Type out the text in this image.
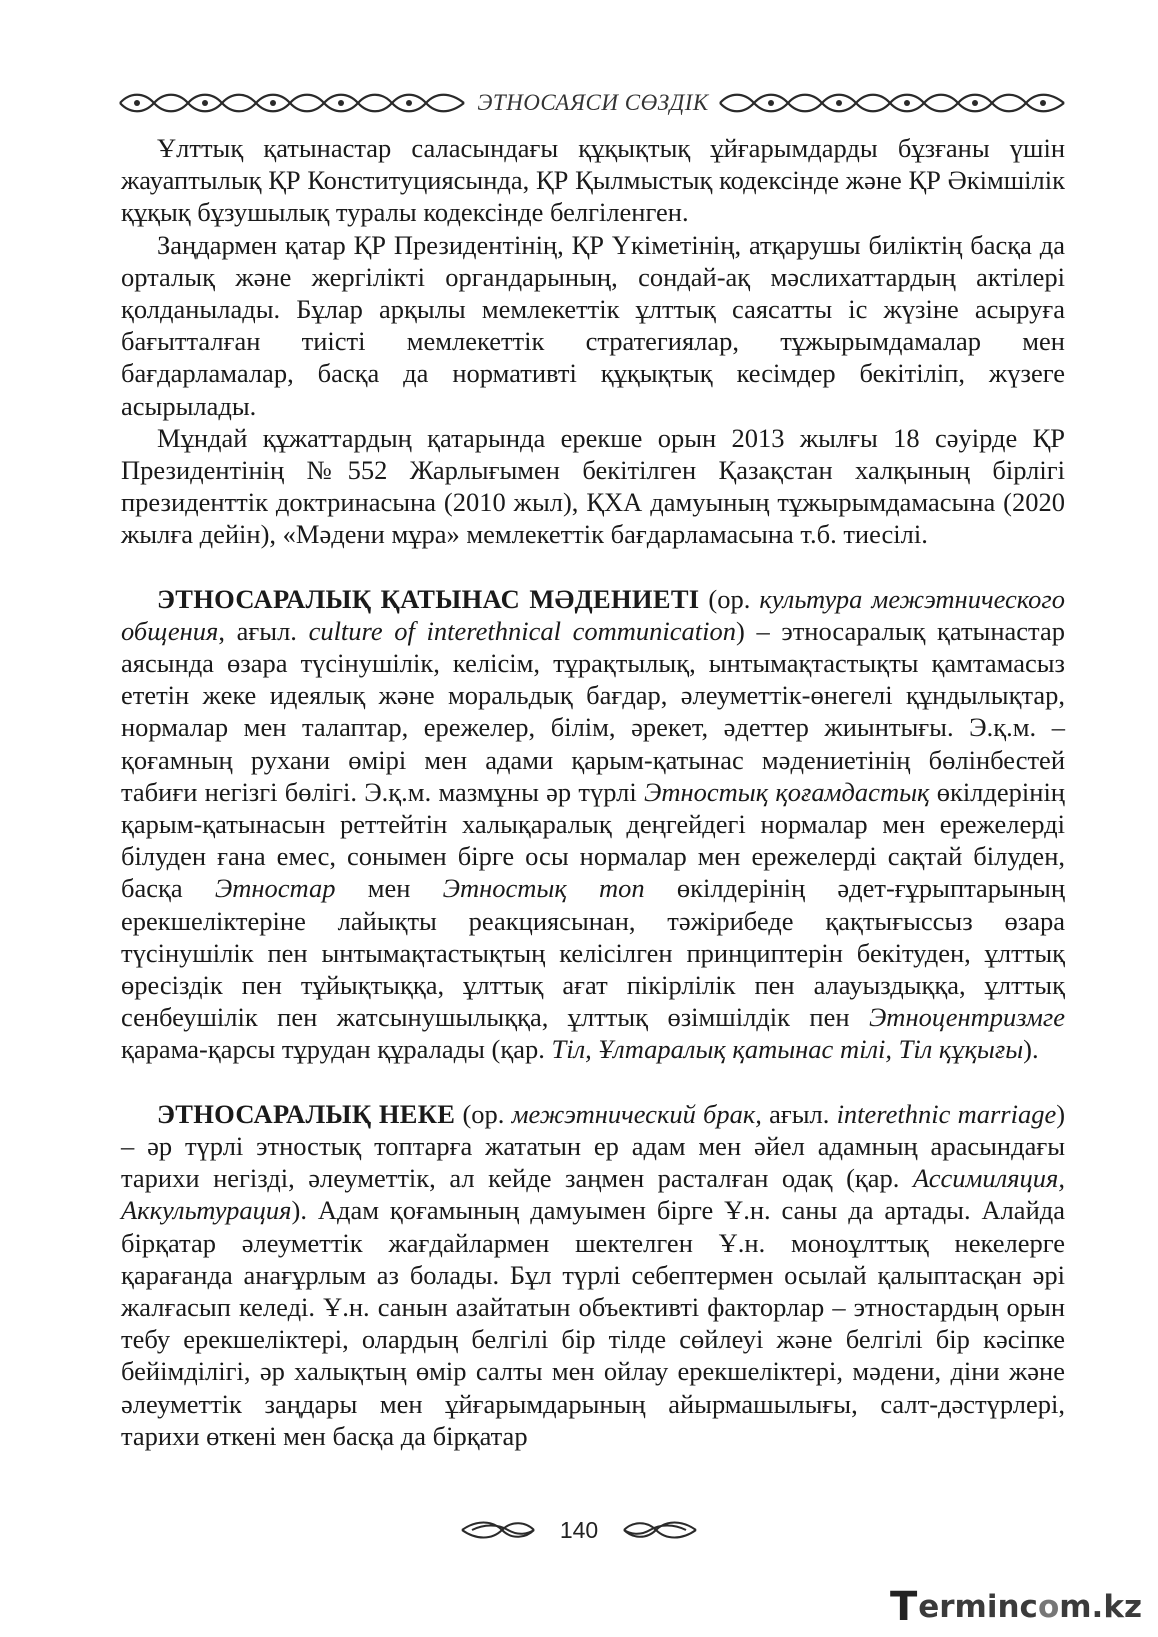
ЭТНОСАЯСИ СӨЗДІК

Ұлттық қатынастар саласындағы құқықтық ұйғарымдарды бұзғаны үшін жауаптылық ҚР Конституциясында, ҚР Қылмыстық кодексінде және ҚР Әкімшілік құқық бұзушылық туралы кодексінде белгіленген.

Заңдармен қатар ҚР Президентінің, ҚР Үкіметінің, атқарушы биліктің басқа да орталық және жергілікті органдарының, сондай-ақ мәслихаттардың актілері қолданылады. Бұлар арқылы мемлекеттік ұлттық саясатты іс жүзіне асыруға бағытталған тиісті мемлекеттік стратегиялар, тұжырымдамалар мен бағдарламалар, басқа да нормативті құқықтық кесімдер бекітіліп, жүзеге асырылады.

Мұндай құжаттардың қатарында ерекше орын 2013 жылғы 18 сәуірде ҚР Президентінің №552 Жарлығымен бекітілген Қазақстан халқының бірлігі президенттік доктринасына (2010 жыл), ҚХА дамуының тұжырымдамасына (2020 жылға дейін), «Мәдени мұра» мемлекеттік бағдарламасына т.б. тиесілі.

ЭТНОСАРАЛЫҚ ҚАТЫНАС МӘДЕНИЕТІ (ор. культура межэтнического общения, ағыл. culture of interethnical communication) – этносаралық қатынастар аясында өзара түсінушілік, келісім, тұрақтылық, ынтымақтастықты қамтамасыз ететін жеке идеялық және моральдық бағдар, әлеуметтік-өнегелі құндылықтар, нормалар мен талаптар, ережелер, білім, әрекет, әдеттер жиынтығы. Э.қ.м. – қоғамның рухани өмірі мен адами қарым-қатынас мәдениетінің бөлінбестей табиғи негізгі бөлігі. Э.қ.м. мазмұны әр түрлі Этностық қоғамдастық өкілдерінің қарым-қатынасын реттейтін халықаралық деңгейдегі нормалар мен ережелерді білуден ғана емес, сонымен бірге осы нормалар мен ережелерді сақтай білуден, басқа Этностар мен Этностық топ өкілдерінің әдет-ғұрыптарының ерекшеліктеріне лайықты реакциясынан, тәжірибеде қақтығыссыз өзара түсінушілік пен ынтымақтастықтың келісілген принциптерін бекітуден, ұлттық өресіздік пен тұйықтыққа, ұлттық ағат пікірлілік пен алауыздыққа, ұлттық сенбеушілік пен жатсынушылыққа, ұлттық өзімшілдік пен Этноцентризмге қарама-қарсы тұрудан құралады (қар. Тіл, Ұлтаралық қатынас тілі, Тіл құқығы).

ЭТНОСАРАЛЫҚ НЕКЕ (ор. межэтнический брак, ағыл. interethnic marriage) – әр түрлі этностық топтарға жататын ер адам мен әйел адамның арасындағы тарихи негізді, әлеуметтік, ал кейде заңмен расталған одақ (қар. Ассимиляция, Аккультурация). Адам қоғамының дамуымен бірге Ұ.н. саны да артады. Алайда бірқатар әлеуметтік жағдайлармен шектелген Ұ.н. моноұлттық некелерге қарағанда анағұрлым аз болады. Бұл түрлі себептермен осылай қалыптасқан әрі жалғасып келеді. Ұ.н. санын азайтатын объективті факторлар – этностардың орын тебу ерекшеліктері, олардың белгілі бір тілде сөйлеуі және белгілі бір кәсіпке бейімділігі, әр халықтың өмір салты мен ойлау ерекшеліктері, мәдени, діни және әлеуметтік заңдары мен ұйғарымдарының айырмашылығы, салт-дәстүрлері, тарихи өткені мен басқа да бірқатар

140
T ermin c o m.kz
